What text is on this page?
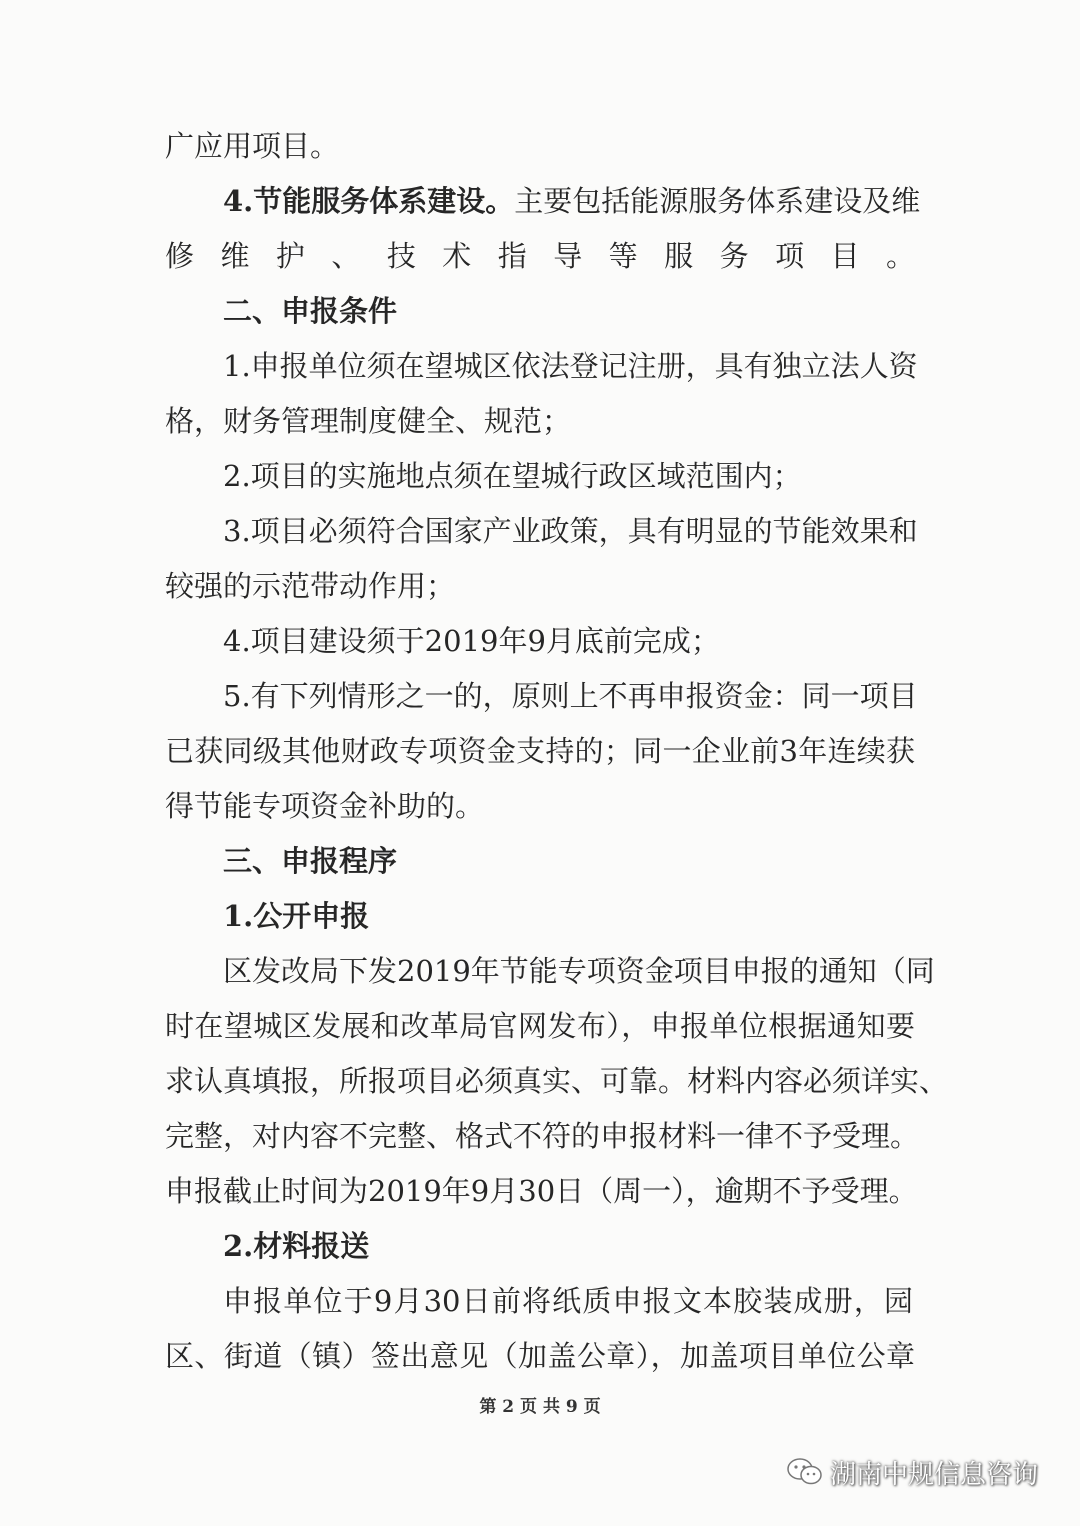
广应用项目。
4.节能服务体系建设。主要包括能源服务体系建设及维
修维护、技术指导等服务项目。
二、申报条件
1.申报单位须在望城区依法登记注册，具有独立法人资
格，财务管理制度健全、规范；
2.项目的实施地点须在望城行政区域范围内；
3.项目必须符合国家产业政策，具有明显的节能效果和
较强的示范带动作用；
4.项目建设须于2019年9月底前完成；
5.有下列情形之一的，原则上不再申报资金：同一项目
已获同级其他财政专项资金支持的；同一企业前3年连续获
得节能专项资金补助的。
三、申报程序
1.公开申报
区发改局下发2019年节能专项资金项目申报的通知（同
时在望城区发展和改革局官网发布），申报单位根据通知要
求认真填报，所报项目必须真实、可靠。材料内容必须详实、
完整，对内容不完整、格式不符的申报材料一律不予受理。
申报截止时间为2019年9月30日（周一），逾期不予受理。
2.材料报送
申报单位于9月30日前将纸质申报文本胶装成册，园
区、街道（镇）签出意见（加盖公章），加盖项目单位公章
第 2 页 共 9 页
湖南中规信息咨询
